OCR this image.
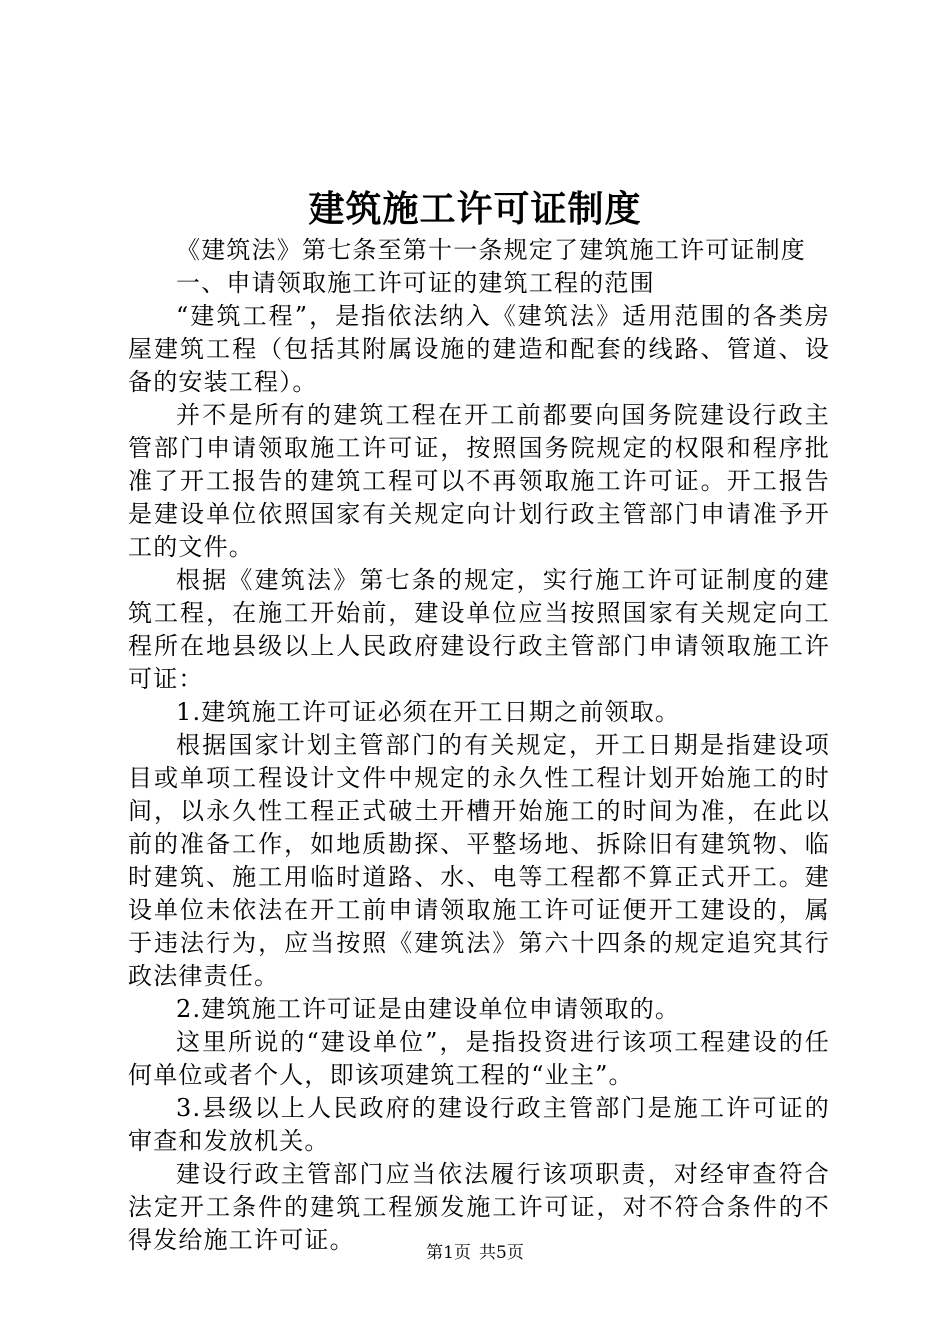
建筑施工许可证制度

《建筑法》第七条至第十一条规定了建筑施工许可证制度

一、申请领取施工许可证的建筑工程的范围

“建筑工程”，是指依法纳入《建筑法》适用范围的各类房屋建筑工程（包括其附属设施的建造和配套的线路、管道、设备的安装工程）。

并不是所有的建筑工程在开工前都要向国务院建设行政主管部门申请领取施工许可证，按照国务院规定的权限和程序批准了开工报告的建筑工程可以不再领取施工许可证。开工报告是建设单位依照国家有关规定向计划行政主管部门申请准予开工的文件。

根据《建筑法》第七条的规定，实行施工许可证制度的建筑工程，在施工开始前，建设单位应当按照国家有关规定向工程所在地县级以上人民政府建设行政主管部门申请领取施工许可证：

1.建筑施工许可证必须在开工日期之前领取。

根据国家计划主管部门的有关规定，开工日期是指建设项目或单项工程设计文件中规定的永久性工程计划开始施工的时间，以永久性工程正式破土开槽开始施工的时间为准，在此以前的准备工作，如地质勘探、平整场地、拆除旧有建筑物、临时建筑、施工用临时道路、水、电等工程都不算正式开工。建设单位未依法在开工前申请领取施工许可证便开工建设的，属于违法行为，应当按照《建筑法》第六十四条的规定追究其行政法律责任。

2.建筑施工许可证是由建设单位申请领取的。

这里所说的“建设单位”，是指投资进行该项工程建设的任何单位或者个人，即该项建筑工程的“业主”。

3.县级以上人民政府的建设行政主管部门是施工许可证的审查和发放机关。

建设行政主管部门应当依法履行该项职责，对经审查符合法定开工条件的建筑工程颁发施工许可证，对不符合条件的不得发给施工许可证。	第1页 共5页
